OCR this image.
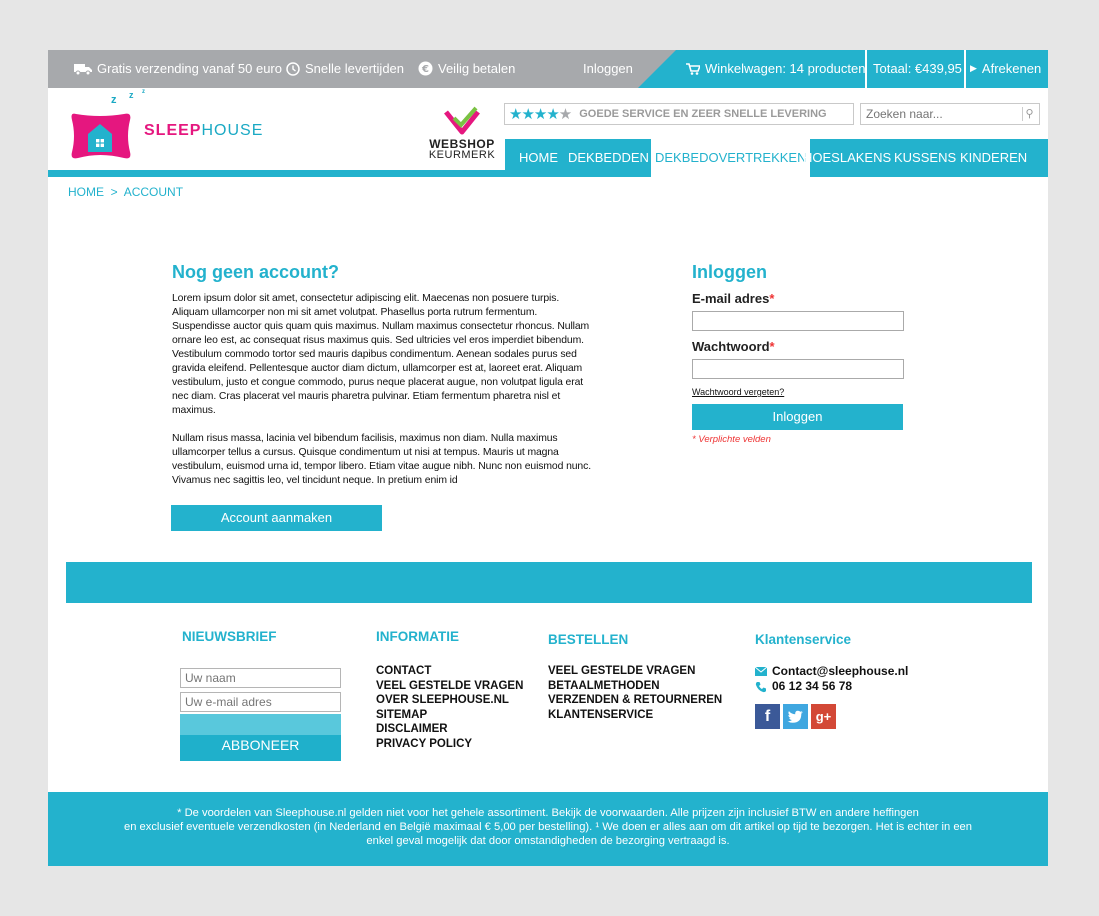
Gratis verzending vanaf 50 euro Snelle levertijden € Veilig betalen	Inloggen	Winkelwagen: 14 producten Totaal: €439,95 ▶ Afrekenen
z z z
SLEEPHOUSE
WEBSHOP
KEURMERK
★★★★★ GOEDE SERVICE EN ZEER SNELLE LEVERING
Zoeken naar...	⚲
HOME DEKBEDDEN DEKBEDOVERTREKKEN
HOESLAKENS KUSSENS KINDEREN
HOME > ACCOUNT
Nog geen account?

Lorem ipsum dolor sit amet, consectetur adipiscing elit. Maecenas non posuere turpis. Aliquam ullamcorper non mi sit amet volutpat. Phasellus porta rutrum fermentum. Suspendisse auctor quis quam quis maximus. Nullam maximus consectetur rhoncus. Nullam ornare leo est, ac consequat risus maximus quis. Sed ultricies vel eros imperdiet bibendum. Vestibulum commodo tortor sed mauris dapibus condimentum. Aenean sodales purus sed gravida eleifend. Pellentesque auctor diam dictum, ullamcorper est at, laoreet erat. Aliquam vestibulum, justo et congue commodo, purus neque placerat augue, non volutpat ligula erat nec diam. Cras placerat vel mauris pharetra pulvinar. Etiam fermentum pharetra nisl et maximus.

Nullam risus massa, lacinia vel bibendum facilisis, maximus non diam. Nulla maximus ullamcorper tellus a cursus. Quisque condimentum ut nisi at tempus. Mauris ut magna vestibulum, euismod urna id, tempor libero. Etiam vitae augue nibh. Nunc non euismod nunc. Vivamus nec sagittis leo, vel tincidunt neque. In pretium enim id

Account aanmaken
Inloggen
E-mail adres*
Wachtwoord*
Wachtwoord vergeten?
Inloggen
* Verplichte velden
NIEUWSBRIEF
Uw naam
Uw e-mail adres
ABBONEER
INFORMATIE
CONTACT
VEEL GESTELDE VRAGEN
OVER SLEEPHOUSE.NL
SITEMAP
DISCLAIMER
PRIVACY POLICY
BESTELLEN
VEEL GESTELDE VRAGEN
BETAALMETHODEN
VERZENDEN & RETOURNEREN
KLANTENSERVICE
Klantenservice
Contact@sleephouse.nl
06 12 34 56 78
f	g+
* De voordelen van Sleephouse.nl gelden niet voor het gehele assortiment. Bekijk de voorwaarden. Alle prijzen zijn inclusief BTW en andere heffingen
en exclusief eventuele verzendkosten (in Nederland en België maximaal € 5,00 per bestelling). ¹ We doen er alles aan om dit artikel op tijd te bezorgen. Het is echter in een
enkel geval mogelijk dat door omstandigheden de bezorging vertraagd is.
